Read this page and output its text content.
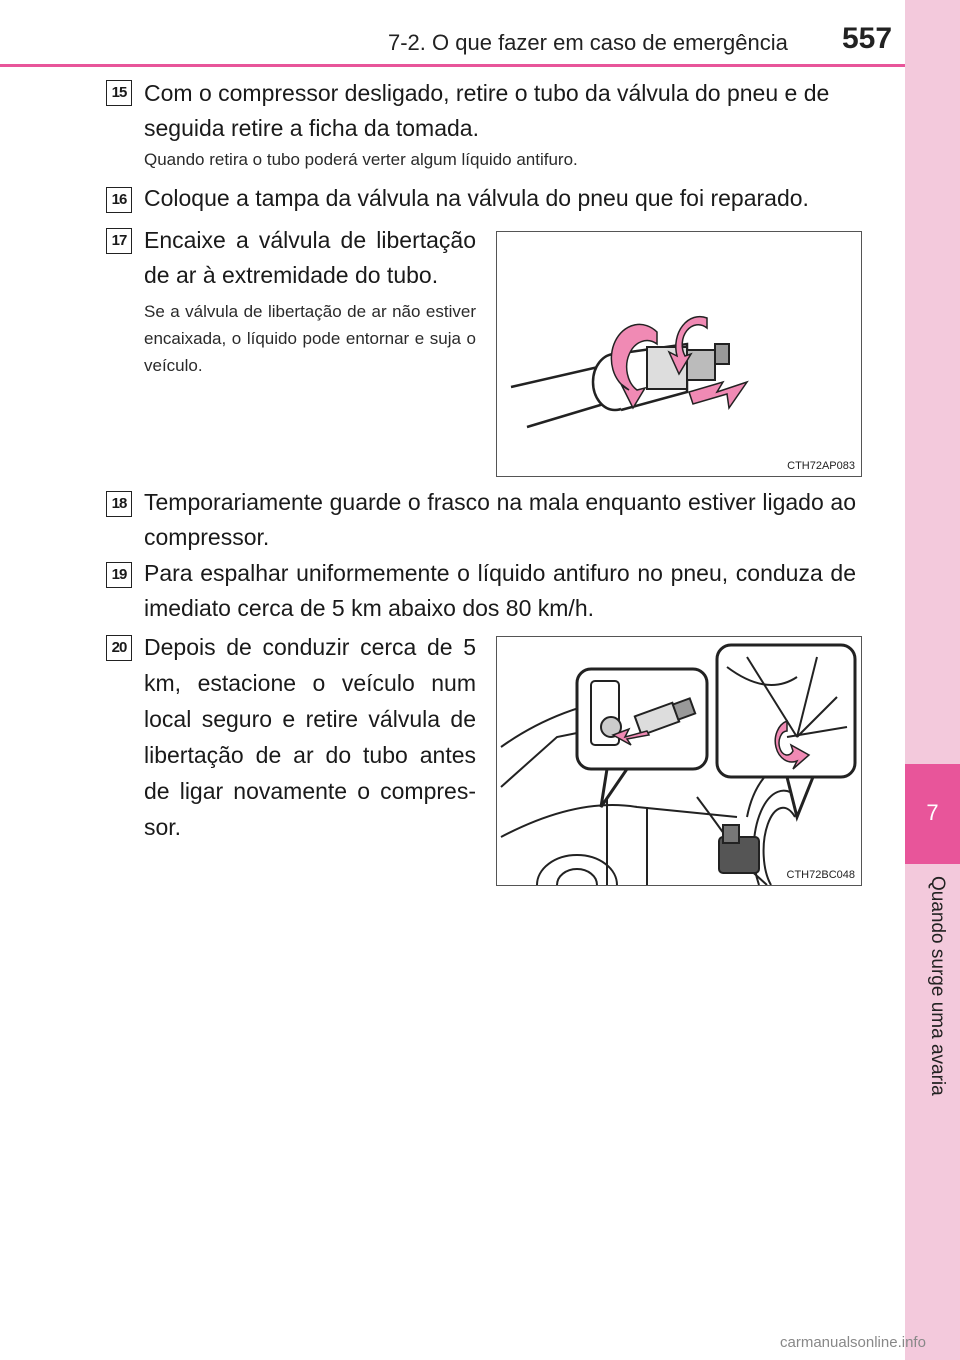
7
Quando surge uma avaria
7-2. O que fazer em caso de emergência 557
15 Com o compressor desligado, retire o tubo da válvula do pneu e de seguida retire a ficha da tomada.
Quando retira o tubo poderá verter algum líquido antifuro.
16 Coloque a tampa da válvula na válvula do pneu que foi reparado.
17 Encaixe a válvula de libertação de ar à extremidade do tubo.
Se a válvula de libertação de ar não estiver encaixada, o líquido pode entornar e suja o veículo.
CTH72AP083
18 Temporariamente guarde o frasco na mala enquanto estiver ligado ao compressor.
19 Para espalhar uniformemente o líquido antifuro no pneu, conduza de imediato cerca de 5 km abaixo dos 80 km/h.
20 Depois de conduzir cerca de 5 km, estacione o veículo num local seguro e retire válvula de libertação de ar do tubo antes de ligar novamente o compres-sor.
CTH72BC048
carmanualsonline.info
